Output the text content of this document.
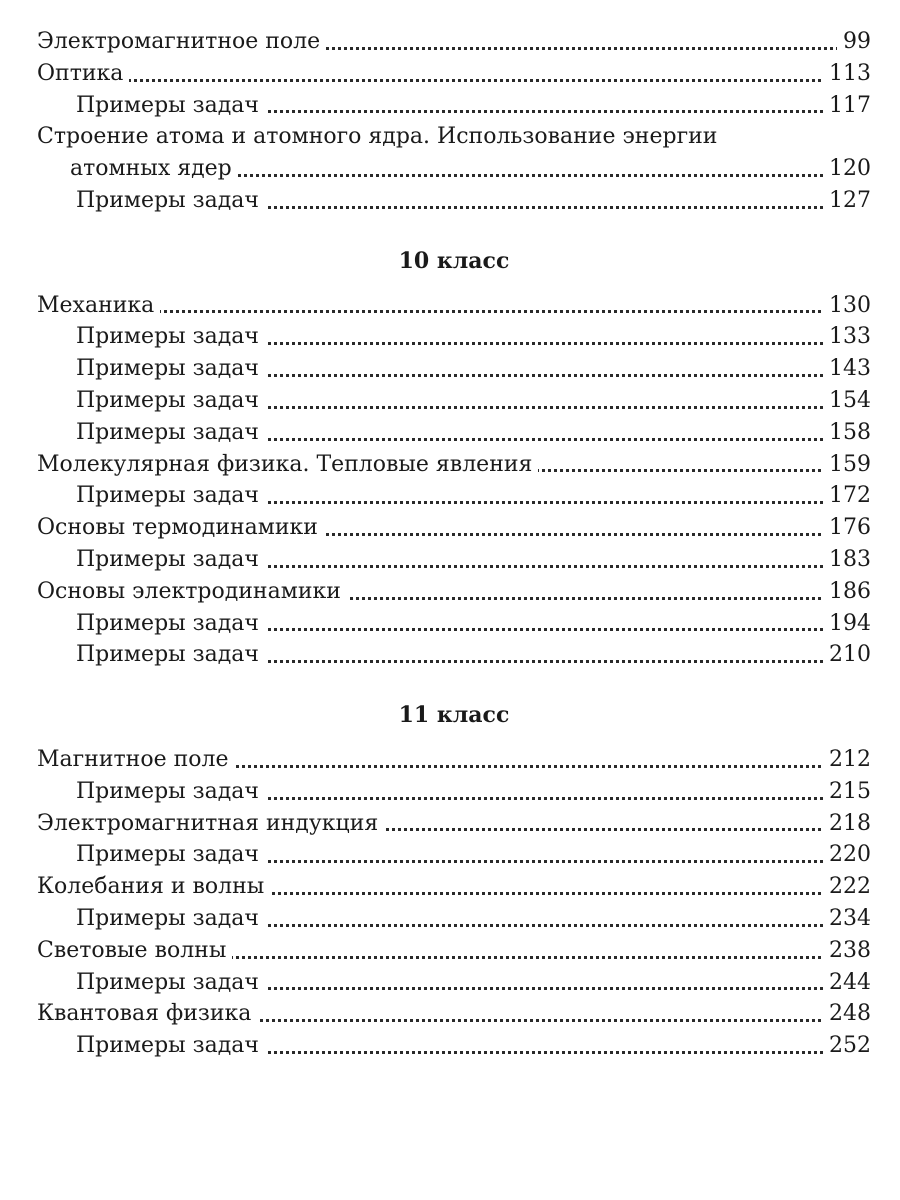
Электромагнитное поле	99
Оптика	113
Примеры задач	117
Строение атома и атомного ядра. Использование энергии
атомных ядер	120
Примеры задач	127
10 класс
Механика	130
Примеры задач	133
Примеры задач	143
Примеры задач	154
Примеры задач	158
Молекулярная физика. Тепловые явления	159
Примеры задач	172
Основы термодинамики	176
Примеры задач	183
Основы электродинамики	186
Примеры задач	194
Примеры задач	210
11 класс
Магнитное поле	212
Примеры задач	215
Электромагнитная индукция	218
Примеры задач	220
Колебания и волны	222
Примеры задач	234
Световые волны	238
Примеры задач	244
Квантовая физика	248
Примеры задач	252
